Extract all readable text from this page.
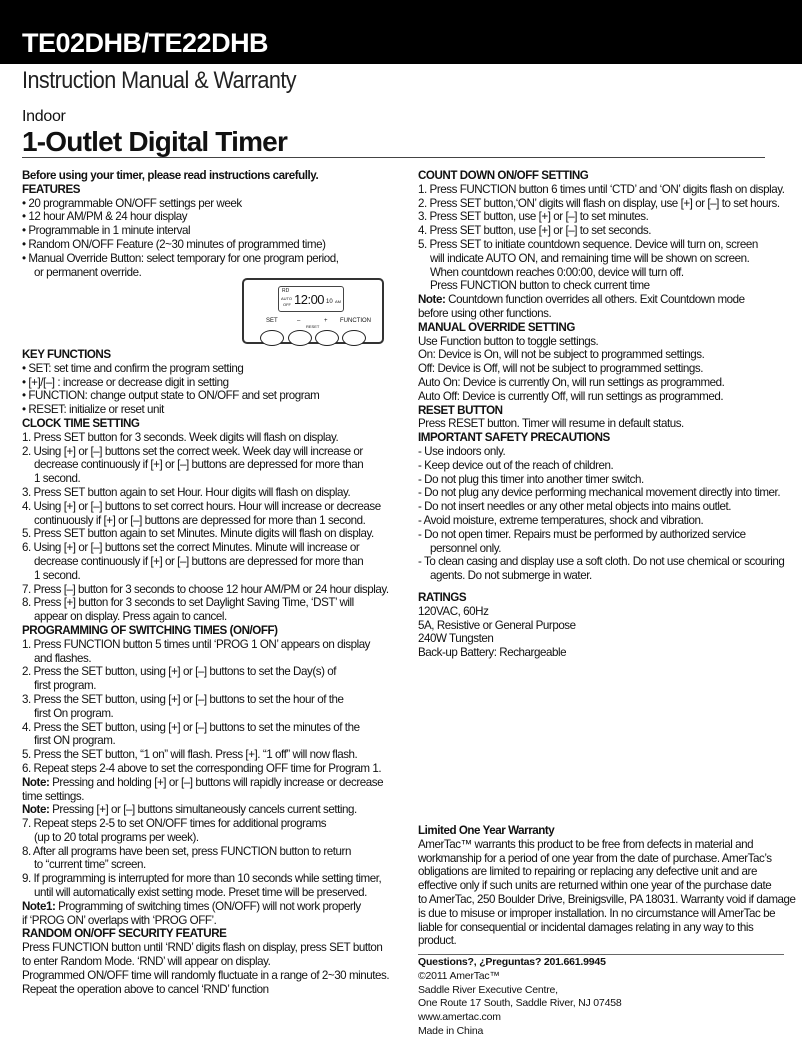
TE02DHB/TE22DHB
Instruction Manual & Warranty
Indoor
1-Outlet Digital Timer
Before using your timer, please read instructions carefully.
FEATURES
• 20 programmable ON/OFF settings per week
• 12 hour AM/PM & 24 hour display
• Programmable in 1 minute interval
• Random ON/OFF Feature (2~30 minutes of programmed time)
• Manual Override Button: select temporary for one program period,
or permanent override.
RD
AUTO
OFF 12:00 10 AM
SET	–
RESET
+ FUNCTION
KEY FUNCTIONS
• SET: set time and confirm the program setting
• [+]/[–] : increase or decrease digit in setting
• FUNCTION: change output state to ON/OFF and set program
• RESET: initialize or reset unit
CLOCK TIME SETTING
1. Press SET button for 3 seconds. Week digits will flash on display.
2. Using [+] or [–] buttons set the correct week. Week day will increase or
decrease continuously if [+] or [–] buttons are depressed for more than
1 second.
3. Press SET button again to set Hour. Hour digits will flash on display.
4. Using [+] or [–] buttons to set correct hours. Hour will increase or decrease
continuously if [+] or [–] buttons are depressed for more than 1 second.
5. Press SET button again to set Minutes. Minute digits will flash on display.
6. Using [+] or [–] buttons set the correct Minutes. Minute will increase or
decrease continuously if [+] or [–] buttons are depressed for more than
1 second.
7. Press [–] button for 3 seconds to choose 12 hour AM/PM or 24 hour display.
8. Press [+] button for 3 seconds to set Daylight Saving Time, ‘DST’ will
appear on display. Press again to cancel.
PROGRAMMING OF SWITCHING TIMES (ON/OFF)
1. Press FUNCTION button 5 times until ‘PROG 1 ON’ appears on display
and flashes.
2. Press the SET button, using [+] or [–] buttons to set the Day(s) of
first program.
3. Press the SET button, using [+] or [–] buttons to set the hour of the
first On program.
4. Press the SET button, using [+] or [–] buttons to set the minutes of the
first ON program.
5. Press the SET button, “1 on” will flash. Press [+]. “1 off” will now flash.
6. Repeat steps 2-4 above to set the corresponding OFF time for Program 1.
Note: Pressing and holding [+] or [–] buttons will rapidly increase or decrease
time settings.
Note: Pressing [+] or [–] buttons simultaneously cancels current setting.
7. Repeat steps 2-5 to set ON/OFF times for additional programs
(up to 20 total programs per week).
8. After all programs have been set, press FUNCTION button to return
to “current time” screen.
9. If programming is interrupted for more than 10 seconds while setting timer,
until will automatically exist setting mode. Preset time will be preserved.
Note1: Programming of switching times (ON/OFF) will not work properly
if ‘PROG ON’ overlaps with ‘PROG OFF’.
RANDOM ON/OFF SECURITY FEATURE
Press FUNCTION button until ‘RND’ digits flash on display, press SET button
to enter Random Mode. ‘RND’ will appear on display.
Programmed ON/OFF time will randomly fluctuate in a range of 2~30 minutes.
Repeat the operation above to cancel ‘RND’ function
COUNT DOWN ON/OFF SETTING
1. Press FUNCTION button 6 times until ‘CTD’ and ‘ON’ digits flash on display.
2. Press SET button,‘ON’ digits will flash on display, use [+] or [–] to set hours.
3. Press SET button, use [+] or [–] to set minutes.
4. Press SET button, use [+] or [–] to set seconds.
5. Press SET to initiate countdown sequence. Device will turn on, screen
will indicate AUTO ON, and remaining time will be shown on screen.
When countdown reaches 0:00:00, device will turn off.
Press FUNCTION button to check current time
Note: Countdown function overrides all others. Exit Countdown mode
before using other functions.
MANUAL OVERRIDE SETTING
Use Function button to toggle settings.
On: Device is On, will not be subject to programmed settings.
Off: Device is Off, will not be subject to programmed settings.
Auto On: Device is currently On, will run settings as programmed.
Auto Off: Device is currently Off, will run settings as programmed.
RESET BUTTON
Press RESET button. Timer will resume in default status.
IMPORTANT SAFETY PRECAUTIONS
- Use indoors only.
- Keep device out of the reach of children.
- Do not plug this timer into another timer switch.
- Do not plug any device performing mechanical movement directly into timer.
- Do not insert needles or any other metal objects into mains outlet.
- Avoid moisture, extreme temperatures, shock and vibration.
- Do not open timer. Repairs must be performed by authorized service
personnel only.
- To clean casing and display use a soft cloth. Do not use chemical or scouring
agents. Do not submerge in water.
RATINGS
120VAC, 60Hz
5A, Resistive or General Purpose
240W Tungsten
Back-up Battery: Rechargeable
Limited One Year Warranty
AmerTac™ warrants this product to be free from defects in material and
workmanship for a period of one year from the date of purchase. AmerTac’s
obligations are limited to repairing or replacing any defective unit and are
effective only if such units are returned within one year of the purchase date
to AmerTac, 250 Boulder Drive, Breinigsville, PA 18031. Warranty void if damage
is due to misuse or improper installation. In no circumstance will AmerTac be
liable for consequential or incidental damages relating in any way to this
product.
Questions?, ¿Preguntas? 201.661.9945
©2011 AmerTac™
Saddle River Executive Centre,
One Route 17 South, Saddle River, NJ 07458
www.amertac.com
Made in China
